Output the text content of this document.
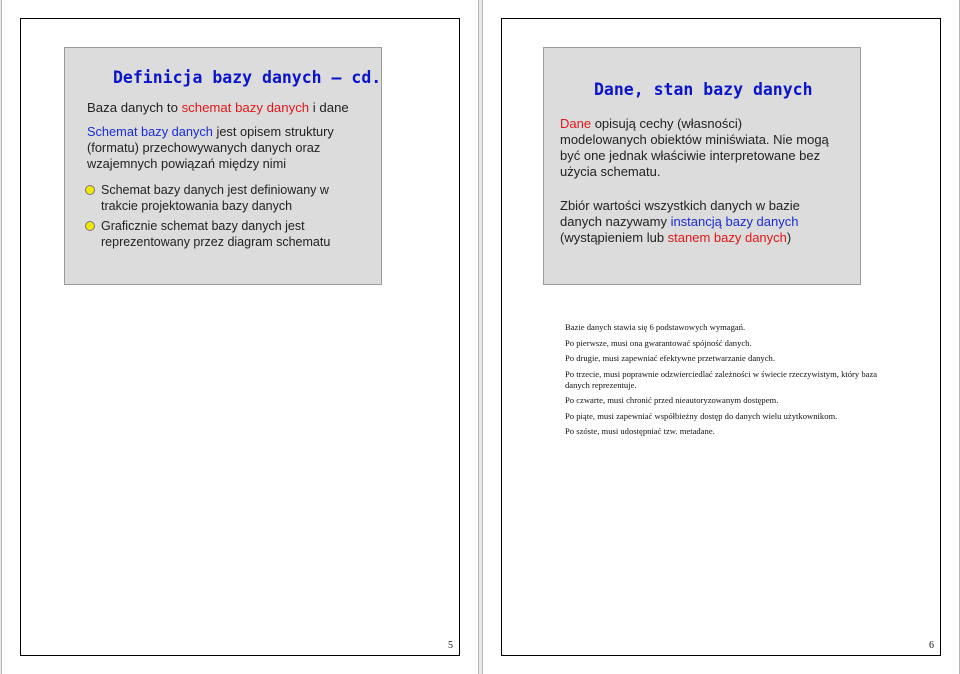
Definicja bazy danych – cd.
Baza danych to schemat bazy danych i dane
Schemat bazy danych jest opisem struktury (formatu) przechowywanych danych oraz wzajemnych powiązań między nimi
Schemat bazy danych jest definiowany w trakcie projektowania bazy danych
Graficznie schemat bazy danych jest reprezentowany przez diagram schematu
5
Dane, stan bazy danych
Dane opisują cechy (własności) modelowanych obiektów miniświata. Nie mogą być one jednak właściwie interpretowane bez użycia schematu.
Zbiór wartości wszystkich danych w bazie danych nazywamy instancją bazy danych (wystąpieniem lub stanem bazy danych)

Bazie danych stawia się 6 podstawowych wymagań.

Po pierwsze, musi ona gwarantować spójność danych.

Po drugie, musi zapewniać efektywne przetwarzanie danych.

Po trzecie, musi poprawnie odzwierciedlać zależności w świecie rzeczywistym, który baza danych reprezentuje.

Po czwarte, musi chronić przed nieautoryzowanym dostępem.

Po piąte, musi zapewniać współbieżny dostęp do danych wielu użytkownikom.

Po szóste, musi udostępniać tzw. metadane.

6
